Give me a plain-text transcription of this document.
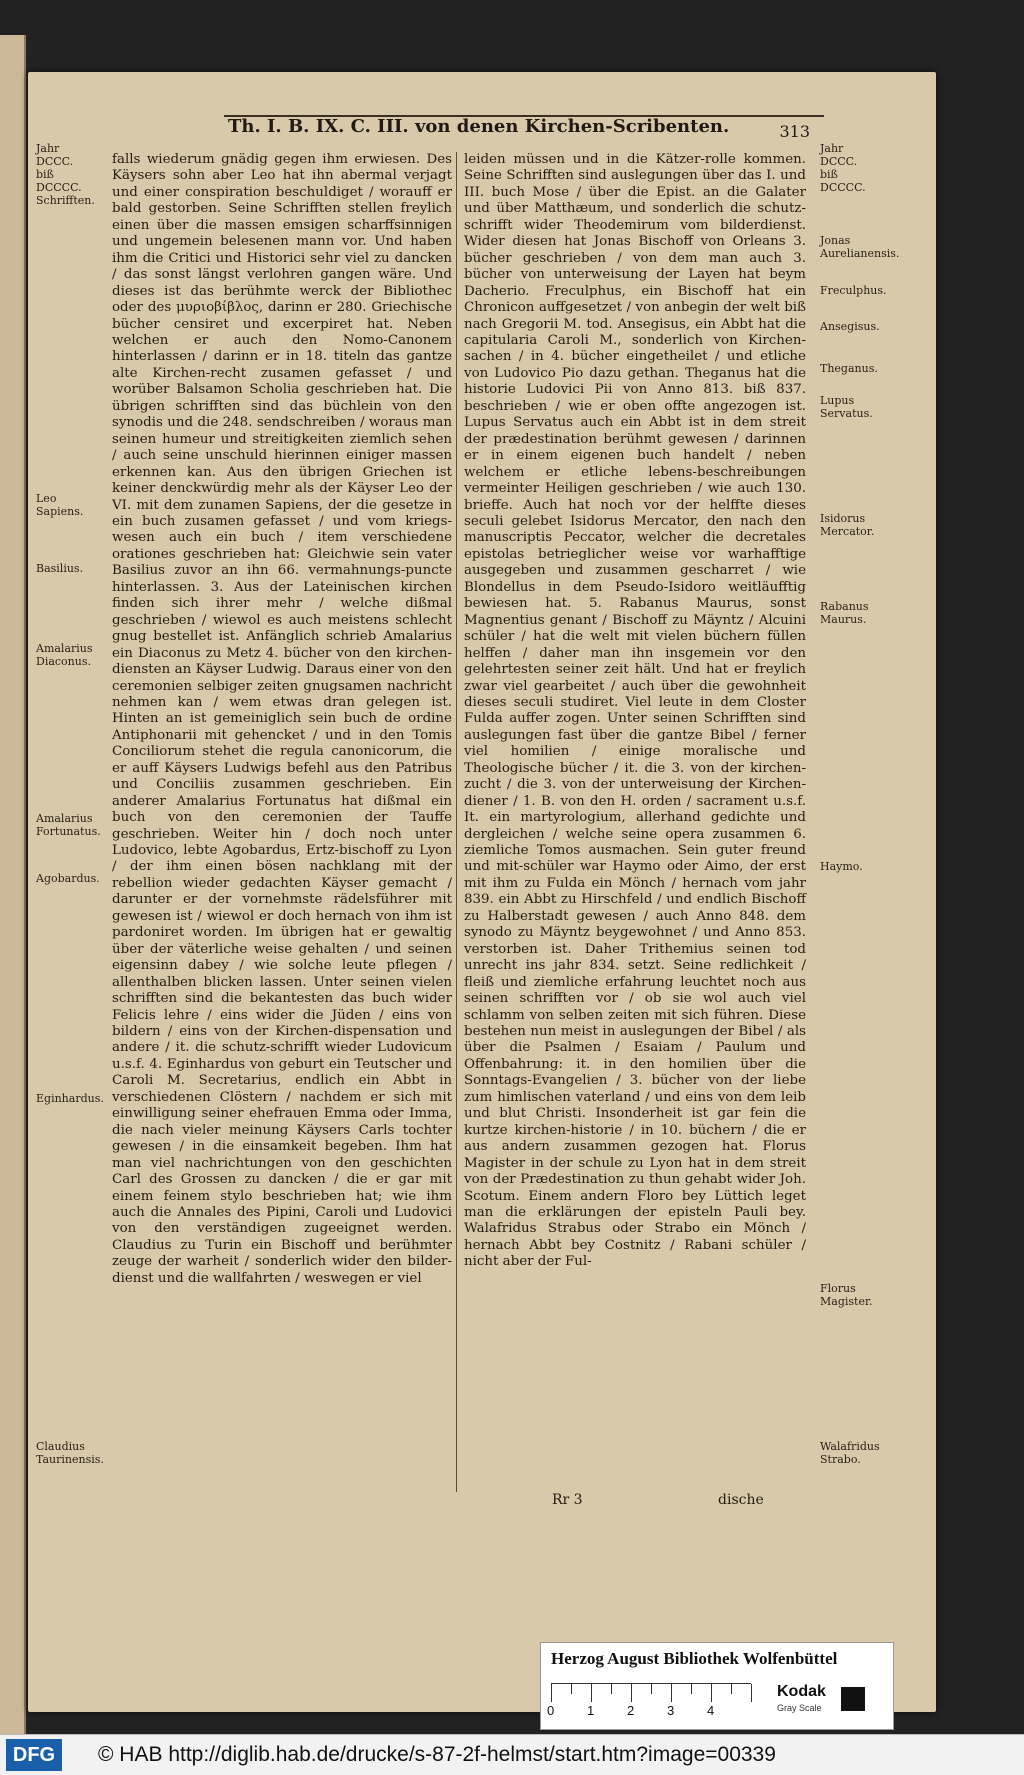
Th. I. B. IX. C. III. von denen Kirchen-Scribenten.	313
Jahr
DCCC.
biß
DCCCC.
Schrifften.
Leo Sapiens.
Basilius.
Amalarius Diaconus.
Amalarius Fortunatus.
Agobardus.
Eginhardus.
Claudius Taurinensis.

falls wiederum gnädig gegen ihm erwiesen. Des Käysers sohn aber Leo hat ihn abermal verjagt und einer conspiration beschuldiget / worauff er bald gestorben. Seine Schrifften stellen freylich einen über die massen emsigen scharffsinnigen und ungemein belesenen mann vor. Und haben ihm die Critici und Historici sehr viel zu dancken / das sonst längst verlohren gangen wäre. Und dieses ist das berühmte werck der Bibliothec oder des μυριοβίβλος, darinn er 280. Griechische bücher censiret und excerpiret hat. Neben welchen er auch den Nomo-Canonem hinterlassen / darinn er in 18. titeln das gantze alte Kirchen-recht zusamen gefasset / und worüber Balsamon Scholia geschrieben hat. Die übrigen schrifften sind das büchlein von den synodis und die 248. sendschreiben / woraus man seinen humeur und streitigkeiten ziemlich sehen / auch seine unschuld hierinnen einiger massen erkennen kan. Aus den übrigen Griechen ist keiner denckwürdig mehr als der Käyser Leo der VI. mit dem zunamen Sapiens, der die gesetze in ein buch zusamen gefasset / und vom kriegs-wesen auch ein buch / item verschiedene orationes geschrieben hat: Gleichwie sein vater Basilius zuvor an ihn 66. vermahnungs-puncte hinterlassen. 3. Aus der Lateinischen kirchen finden sich ihrer mehr / welche dißmal geschrieben / wiewol es auch meistens schlecht gnug bestellet ist. Anfänglich schrieb Amalarius ein Diaconus zu Metz 4. bücher von den kirchen-diensten an Käyser Ludwig. Daraus einer von den ceremonien selbiger zeiten gnugsamen nachricht nehmen kan / wem etwas dran gelegen ist. Hinten an ist gemeiniglich sein buch de ordine Antiphonarii mit gehencket / und in den Tomis Conciliorum stehet die regula canonicorum, die er auff Käysers Ludwigs befehl aus den Patribus und Conciliis zusammen geschrieben. Ein anderer Amalarius Fortunatus hat dißmal ein buch von den ceremonien der Tauffe geschrieben. Weiter hin / doch noch unter Ludovico, lebte Agobardus, Ertz-bischoff zu Lyon / der ihm einen bösen nachklang mit der rebellion wieder gedachten Käyser gemacht / darunter er der vornehmste rädelsführer mit gewesen ist / wiewol er doch hernach von ihm ist pardoniret worden. Im übrigen hat er gewaltig über der väterliche weise gehalten / und seinen eigensinn dabey / wie solche leute pflegen / allenthalben blicken lassen. Unter seinen vielen schrifften sind die bekantesten das buch wider Felicis lehre / eins wider die Jüden / eins von bildern / eins von der Kirchen-dispensation und andere / it. die schutz-schrifft wieder Ludovicum u.s.f. 4. Eginhardus von geburt ein Teutscher und Caroli M. Secretarius, endlich ein Abbt in verschiedenen Clöstern / nachdem er sich mit einwilligung seiner ehefrauen Emma oder Imma, die nach vieler meinung Käysers Carls tochter gewesen / in die einsamkeit begeben. Ihm hat man viel nachrichtungen von den geschichten Carl des Grossen zu dancken / die er gar mit einem feinem stylo beschrieben hat; wie ihm auch die Annales des Pipini, Caroli und Ludovici von den verständigen zugeeignet werden. Claudius zu Turin ein Bischoff und berühmter zeuge der warheit / sonderlich wider den bilder-dienst und die wallfahrten / weswegen er viel

leiden müssen und in die Kätzer-rolle kommen. Seine Schrifften sind auslegungen über das I. und III. buch Mose / über die Epist. an die Galater und über Matthæum, und sonderlich die schutz-schrifft wider Theodemirum vom bilderdienst. Wider diesen hat Jonas Bischoff von Orleans 3. bücher geschrieben / von dem man auch 3. bücher von unterweisung der Layen hat beym Dacherio. Freculphus, ein Bischoff hat ein Chronicon auffgesetzet / von anbegin der welt biß nach Gregorii M. tod. Ansegisus, ein Abbt hat die capitularia Caroli M., sonderlich von Kirchen-sachen / in 4. bücher eingetheilet / und etliche von Ludovico Pio dazu gethan. Theganus hat die historie Ludovici Pii von Anno 813. biß 837. beschrieben / wie er oben offte angezogen ist. Lupus Servatus auch ein Abbt ist in dem streit der prædestination berühmt gewesen / darinnen er in einem eigenen buch handelt / neben welchem er etliche lebens-beschreibungen vermeinter Heiligen geschrieben / wie auch 130. brieffe. Auch hat noch vor der helffte dieses seculi gelebet Isidorus Mercator, den nach den manuscriptis Peccator, welcher die decretales epistolas betrieglicher weise vor warhafftige ausgegeben und zusammen gescharret / wie Blondellus in dem Pseudo-Isidoro weitläufftig bewiesen hat. 5. Rabanus Maurus, sonst Magnentius genant / Bischoff zu Mäyntz / Alcuini schüler / hat die welt mit vielen büchern füllen helffen / daher man ihn insgemein vor den gelehrtesten seiner zeit hält. Und hat er freylich zwar viel gearbeitet / auch über die gewohnheit dieses seculi studiret. Viel leute in dem Closter Fulda auffer zogen. Unter seinen Schrifften sind auslegungen fast über die gantze Bibel / ferner viel homilien / einige moralische und Theologische bücher / it. die 3. von der kirchen-zucht / die 3. von der unterweisung der Kirchen-diener / 1. B. von den H. orden / sacrament u.s.f. It. ein martyrologium, allerhand gedichte und dergleichen / welche seine opera zusammen 6. ziemliche Tomos ausmachen. Sein guter freund und mit-schüler war Haymo oder Aimo, der erst mit ihm zu Fulda ein Mönch / hernach vom jahr 839. ein Abbt zu Hirschfeld / und endlich Bischoff zu Halberstadt gewesen / auch Anno 848. dem synodo zu Mäyntz beygewohnet / und Anno 853. verstorben ist. Daher Trithemius seinen tod unrecht ins jahr 834. setzt. Seine redlichkeit / fleiß und ziemliche erfahrung leuchtet noch aus seinen schrifften vor / ob sie wol auch viel schlamm von selben zeiten mit sich führen. Diese bestehen nun meist in auslegungen der Bibel / als über die Psalmen / Esaiam / Paulum und Offenbahrung: it. in den homilien über die Sonntags-Evangelien / 3. bücher von der liebe zum himlischen vaterland / und eins von dem leib und blut Christi. Insonderheit ist gar fein die kurtze kirchen-historie / in 10. büchern / die er aus andern zusammen gezogen hat. Florus Magister in der schule zu Lyon hat in dem streit von der Prædestination zu thun gehabt wider Joh. Scotum. Einem andern Floro bey Lüttich leget man die erklärungen der episteln Pauli bey. Walafridus Strabus oder Strabo ein Mönch / hernach Abbt bey Costnitz / Rabani schüler / nicht aber der Ful-

Jahr
DCCC.
biß
DCCCC.
Jonas Aurelianensis.
Freculphus.
Ansegisus.
Theganus.
Lupus Servatus.
Isidorus Mercator.
Rabanus Maurus.
Haymo.
Florus Magister.
Walafridus Strabo.
Rr 3	dische
Herzog August Bibliothek Wolfenbüttel
0	1	2	3	4
Kodak
Gray Scale
DFG	© HAB http://diglib.hab.de/drucke/s-87-2f-helmst/start.htm?image=00339
